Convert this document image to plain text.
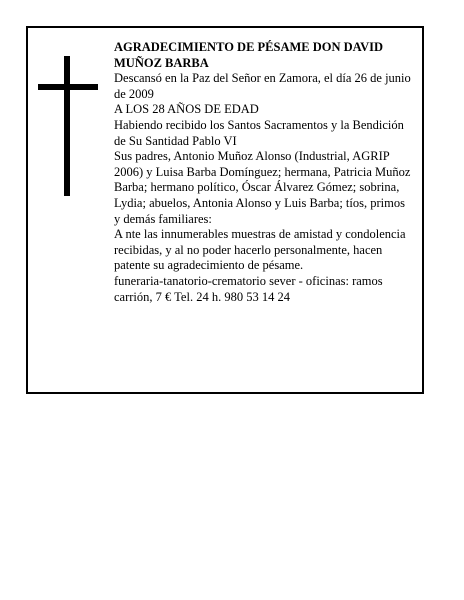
AGRADECIMIENTO DE PÉSAME DON DAVID MUÑOZ BARBA

Descansó en la Paz del Señor en Zamora, el día 26 de junio de 2009

A LOS 28 AÑOS DE EDAD

Habiendo recibido los Santos Sacramentos y la Bendición de Su Santidad Pablo VI

Sus padres, Antonio Muñoz Alonso (Industrial, AGRIP 2006) y Luisa Barba Domínguez; hermana, Patricia Muñoz Barba; hermano político, Óscar Álvarez Gómez; sobrina, Lydia; abuelos, Antonia Alonso y Luis Barba; tíos, primos y demás familiares:

A nte las innumerables muestras de amistad y condolencia recibidas, y al no poder hacerlo personalmente, hacen patente su agradecimiento de pésame.

funeraria-tanatorio-crematorio sever - oficinas: ramos carrión, 7 € Tel. 24 h. 980 53 14 24
